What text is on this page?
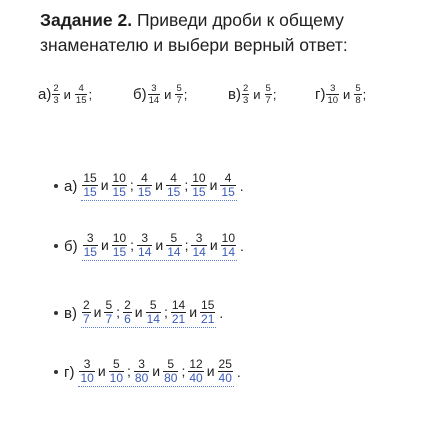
Задание 2. Приведи дроби к общему
знаменателю и выбери верный ответ:
$а) \frac{2}{3}$ и $\frac{4}{15}$ ;	$б) \frac{3}{14}$ и $\frac{5}{7}$ ;	$в) \frac{2}{3}$ и $\frac{5}{7}$ ;	$г) \frac{3}{10}$ и $\frac{5}{8}$ ;
$а) \frac{15}{15}$ и $\frac{10}{15}$ ; $\frac{4}{15}$ и $\frac{4}{15}$ ; $\frac{10}{15}$ и $\frac{4}{15}$ .
$б) \frac{3}{15}$ и $\frac{10}{15}$ ; $\frac{3}{14}$ и $\frac{5}{14}$ ; $\frac{3}{14}$ и $\frac{10}{14}$ .
$в) \frac{2}{7}$ и $\frac{5}{7}$ ; $\frac{2}{6}$ и $\frac{5}{14}$ ; $\frac{14}{21}$ и $\frac{15}{21}$ .
$г) \frac{3}{10}$ и $\frac{5}{10}$ ; $\frac{3}{80}$ и $\frac{5}{80}$ ; $\frac{12}{40}$ и $\frac{25}{40}$ .
